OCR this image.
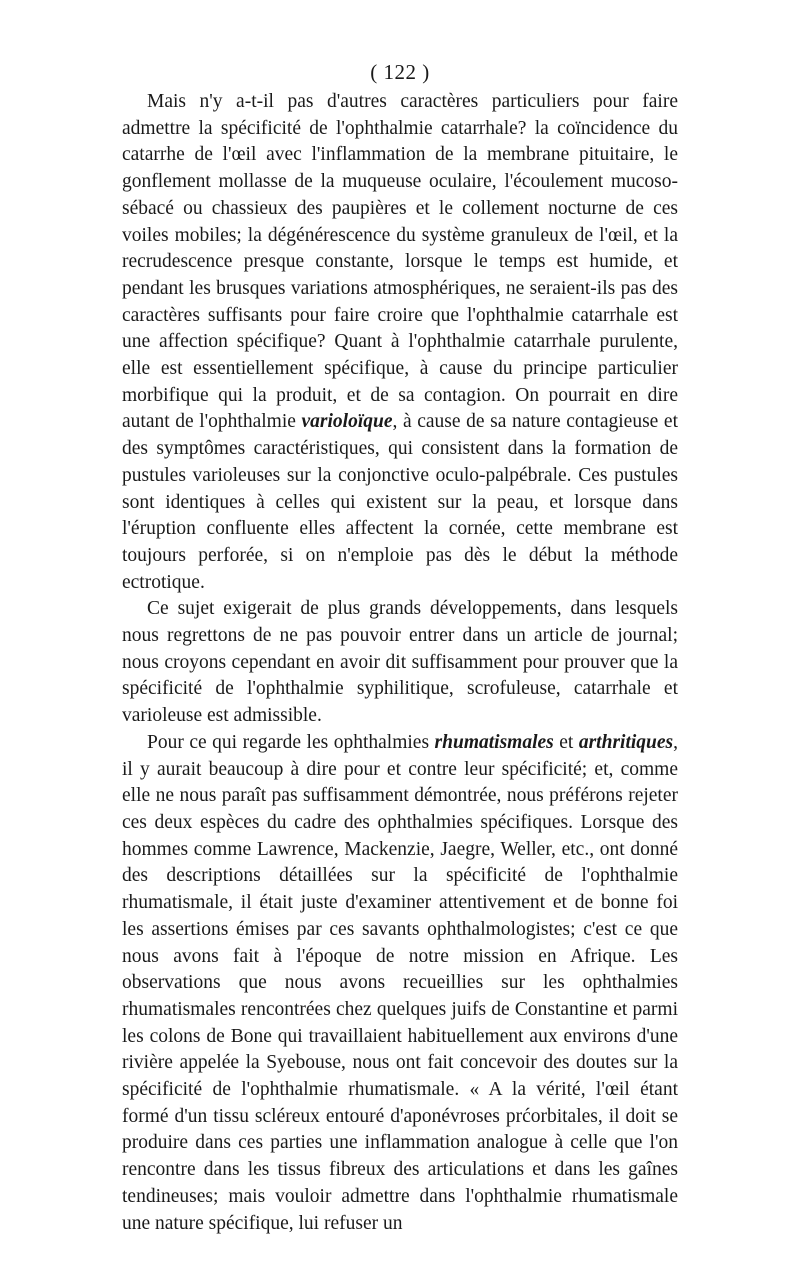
( 122 )

Mais n'y a-t-il pas d'autres caractères particuliers pour faire admettre la spécificité de l'ophthalmie catarrhale? la coïncidence du catarrhe de l'œil avec l'inflammation de la membrane pituitaire, le gonflement mollasse de la muqueuse oculaire, l'écoulement mucoso-sébacé ou chassieux des paupières et le collement nocturne de ces voiles mobiles; la dégénérescence du système granuleux de l'œil, et la recrudescence presque constante, lorsque le temps est humide, et pendant les brusques variations atmosphériques, ne seraient-ils pas des caractères suffisants pour faire croire que l'ophthalmie catarrhale est une affection spécifique? Quant à l'ophthalmie catarrhale purulente, elle est essentiellement spécifique, à cause du principe particulier morbifique qui la produit, et de sa contagion. On pourrait en dire autant de l'ophthalmie varioloïque, à cause de sa nature contagieuse et des symptômes caractéristiques, qui consistent dans la formation de pustules varioleuses sur la conjonctive oculo-palpébrale. Ces pustules sont identiques à celles qui existent sur la peau, et lorsque dans l'éruption confluente elles affectent la cornée, cette membrane est toujours perforée, si on n'emploie pas dès le début la méthode ectrotique.

Ce sujet exigerait de plus grands développements, dans lesquels nous regrettons de ne pas pouvoir entrer dans un article de journal; nous croyons cependant en avoir dit suffisamment pour prouver que la spécificité de l'ophthalmie syphilitique, scrofuleuse, catarrhale et varioleuse est admissible.

Pour ce qui regarde les ophthalmies rhumatismales et arthritiques, il y aurait beaucoup à dire pour et contre leur spécificité; et, comme elle ne nous paraît pas suffisamment démontrée, nous préférons rejeter ces deux espèces du cadre des ophthalmies spécifiques. Lorsque des hommes comme Lawrence, Mackenzie, Jaegre, Weller, etc., ont donné des descriptions détaillées sur la spécificité de l'ophthalmie rhumatismale, il était juste d'examiner attentivement et de bonne foi les assertions émises par ces savants ophthalmologistes; c'est ce que nous avons fait à l'époque de notre mission en Afrique. Les observations que nous avons recueillies sur les ophthalmies rhumatismales rencontrées chez quelques juifs de Constantine et parmi les colons de Bone qui travaillaient habituellement aux environs d'une rivière appelée la Syebouse, nous ont fait concevoir des doutes sur la spécificité de l'ophthalmie rhumatismale. « A la vérité, l'œil étant formé d'un tissu scléreux entouré d'aponévroses prćorbitales, il doit se produire dans ces parties une inflammation analogue à celle que l'on rencontre dans les tissus fibreux des articulations et dans les gaînes tendineuses; mais vouloir admettre dans l'ophthalmie rhumatismale une nature spécifique, lui refuser un
